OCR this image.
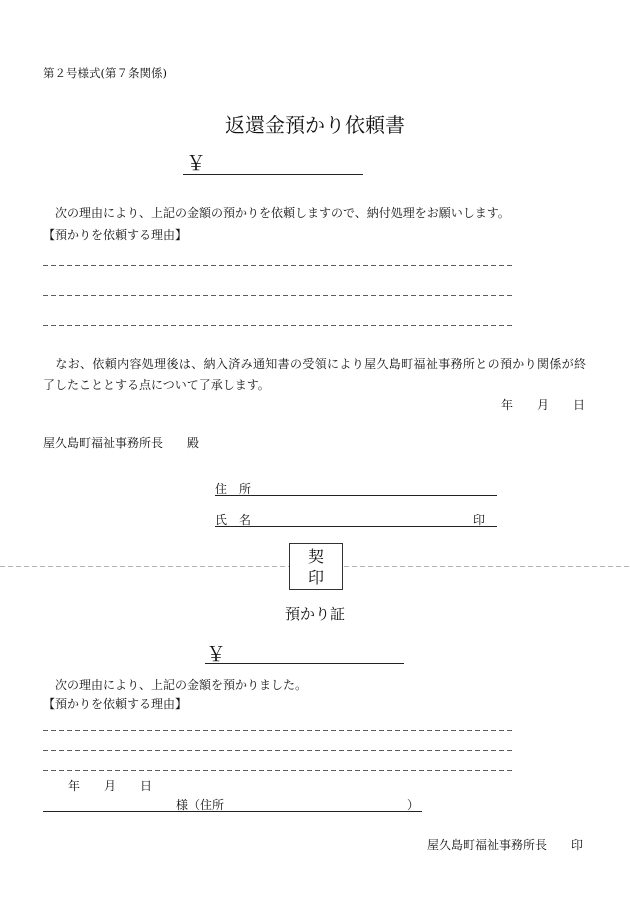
第２号様式(第７条関係)
返還金預かり依頼書
￥
　次の理由により、上記の金額の預かりを依頼しますので、納付処理をお願いします。
【預かりを依頼する理由】
　なお、依頼内容処理後は、納入済み通知書の受領により屋久島町福祉事務所との預かり関係が終
了したこととする点について了承します。
年　　月　　日
屋久島町福祉事務所長　　殿
住　所
氏　名	印
契
印
預かり証
￥
　次の理由により、上記の金額を預かりました。
【預かりを依頼する理由】
年　　月　　日
様（住所	）
屋久島町福祉事務所長　　印
